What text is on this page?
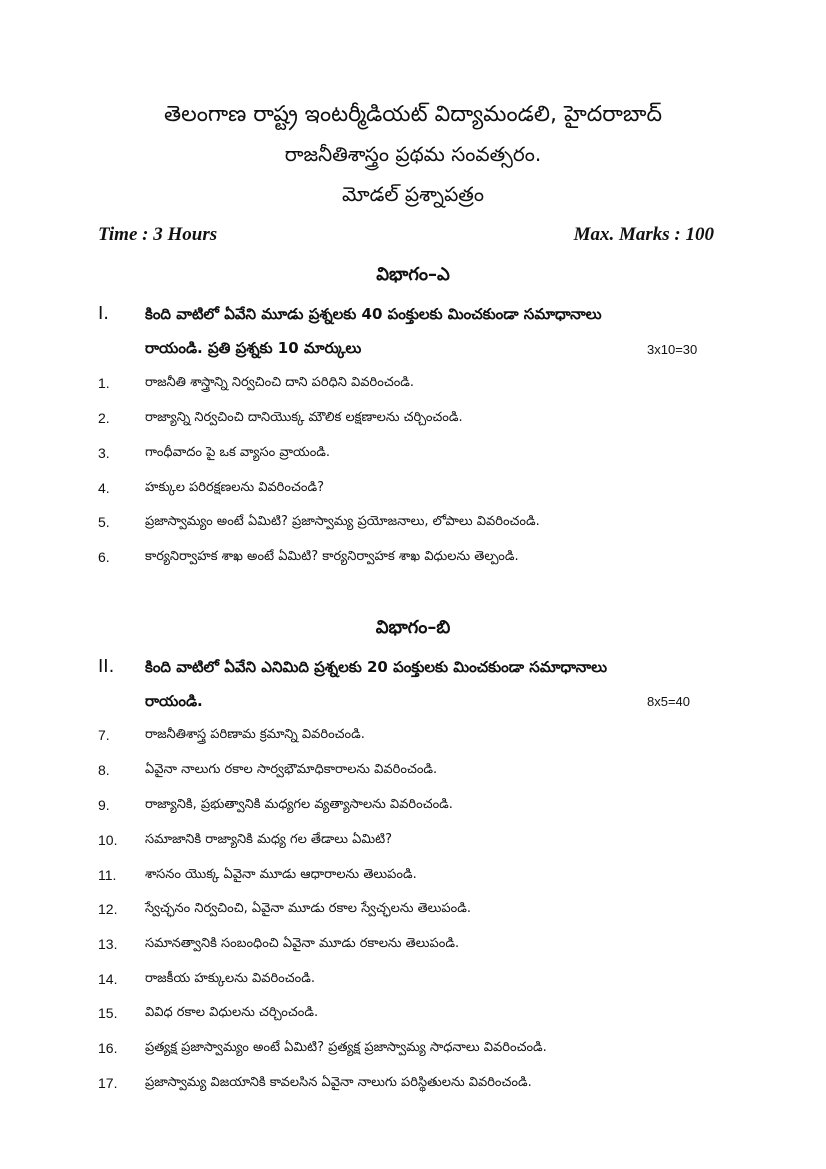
తెలంగాణ రాష్ట్ర ఇంటర్మీడియట్ విద్యామండలి, హైదరాబాద్
రాజనీతిశాస్త్రం ప్రథమ సంవత్సరం.
మోడల్ ప్రశ్నాపత్రం
Time : 3 Hours	Max. Marks : 100
విభాగం–ఎ
I. కింది వాటిలో ఏవేని మూడు ప్రశ్నలకు 40 పంక్తులకు మించకుండా సమాధానాలు
రాయండి. ప్రతి ప్రశ్నకు 10 మార్కులు	3x10=30
1.	రాజనీతి శాస్త్రాన్ని నిర్వచించి దాని పరిధిని వివరించండి.
2.	రాజ్యాన్ని నిర్వచించి దానియొక్క మౌలిక లక్షణాలను చర్చించండి.
3.	గాంధీవాదం పై ఒక వ్యాసం వ్రాయండి.
4.	హక్కుల పరిరక్షణలను వివరించండి?
5.	ప్రజాస్వామ్యం అంటే ఏమిటి? ప్రజాస్వామ్య ప్రయోజనాలు, లోపాలు వివరించండి.
6.	కార్యనిర్వాహక శాఖ అంటే ఏమిటి? కార్యనిర్వాహక శాఖ విధులను తెల్పండి.
విభాగం–బి
II. కింది వాటిలో ఏవేని ఎనిమిది ప్రశ్నలకు 20 పంక్తులకు మించకుండా సమాధానాలు
రాయండి.	8x5=40
7.	రాజనీతిశాస్త్ర పరిణామ క్రమాన్ని వివరించండి.
8.	ఏవైనా నాలుగు రకాల సార్వభౌమాధికారాలను వివరించండి.
9.	రాజ్యానికి, ప్రభుత్వానికి మధ్యగల వ్యత్యాసాలను వివరించండి.
10. సమాజానికి రాజ్యానికి మధ్య గల తేడాలు ఏమిటి?
11. శాసనం యొక్క ఏవైనా మూడు ఆధారాలను తెలుపండి.
12. స్వేచ్ఛనం నిర్వచించి, ఏవైనా మూడు రకాల స్వేచ్ఛలను తెలుపండి.
13. సమానత్వానికి సంబంధించి ఏవైనా మూడు రకాలను తెలుపండి.
14. రాజకీయ హక్కులను వివరించండి.
15. వివిధ రకాల విధులను చర్చించండి.
16. ప్రత్యక్ష ప్రజాస్వామ్యం అంటే ఏమిటి? ప్రత్యక్ష ప్రజాస్వామ్య సాధనాలు వివరించండి.
17. ప్రజాస్వామ్య విజయానికి కావలసిన ఏవైనా నాలుగు పరిస్థితులను వివరించండి.
